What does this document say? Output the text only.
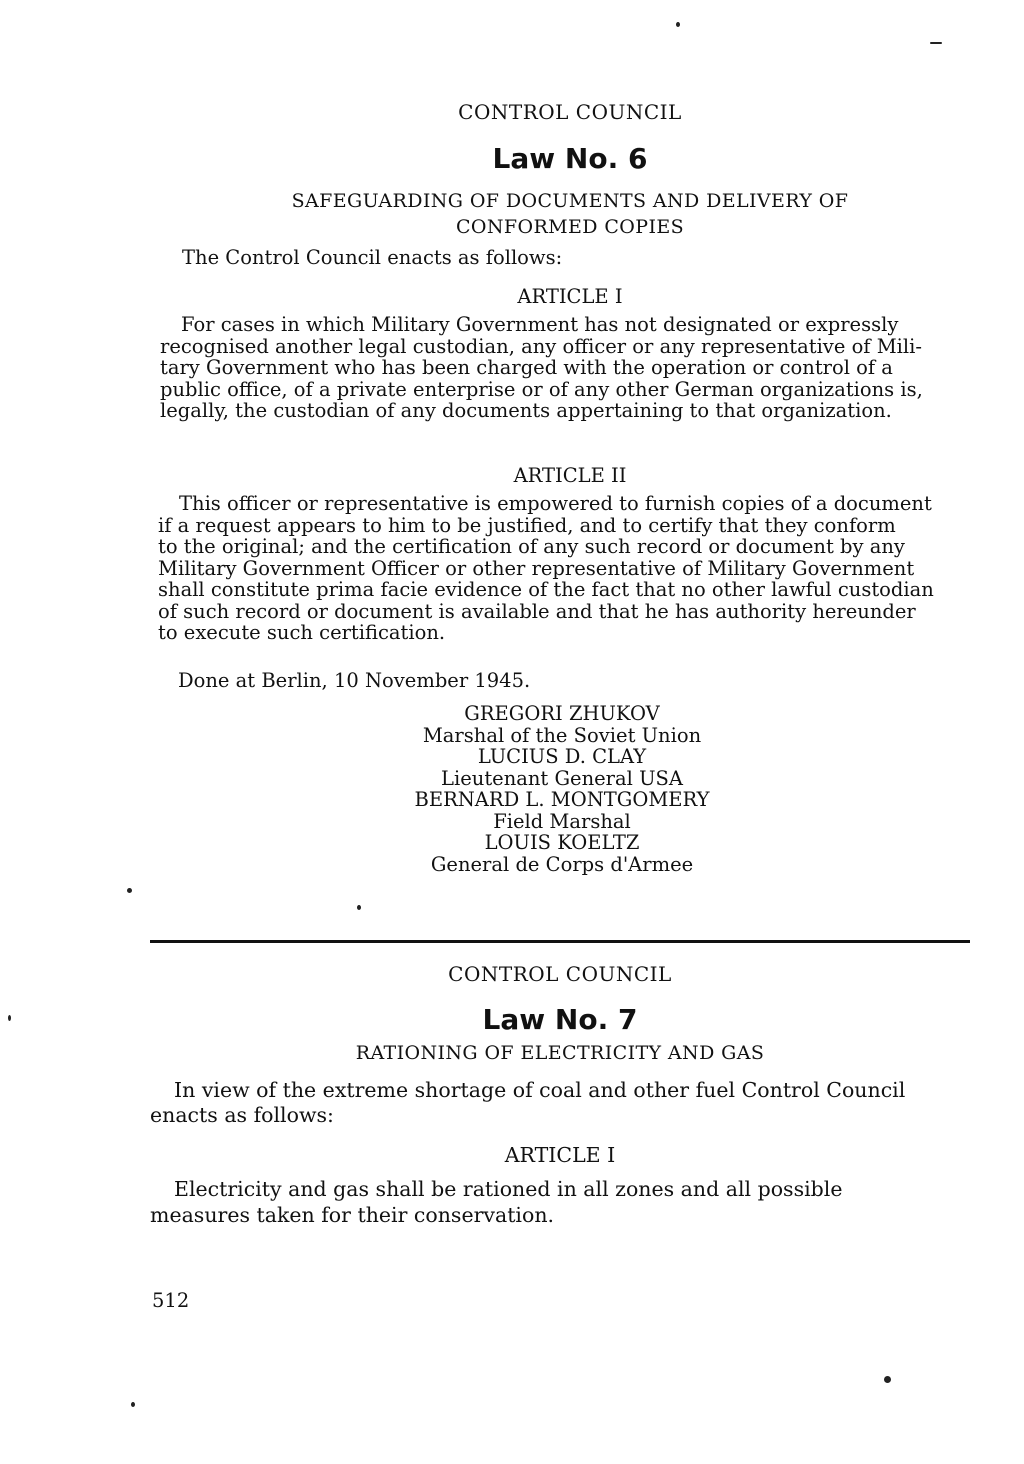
CONTROL COUNCIL
Law No. 6
SAFEGUARDING OF DOCUMENTS AND DELIVERY OF
CONFORMED COPIES
The Control Council enacts as follows:
ARTICLE I

For cases in which Military Government has not designated or expressly

recognised another legal custodian, any officer or any representative of Mili-

tary Government who has been charged with the operation or control of a

public office, of a private enterprise or of any other German organizations is,

legally, the custodian of any documents appertaining to that organization.

ARTICLE II

This officer or representative is empowered to furnish copies of a document

if a request appears to him to be justified, and to certify that they conform

to the original; and the certification of any such record or document by any

Military Government Officer or other representative of Military Government

shall constitute prima facie evidence of the fact that no other lawful custodian

of such record or document is available and that he has authority hereunder

to execute such certification.

Done at Berlin, 10 November 1945.
GREGORI ZHUKOV
Marshal of the Soviet Union
LUCIUS D. CLAY
Lieutenant General USA
BERNARD L. MONTGOMERY
Field Marshal
LOUIS KOELTZ
General de Corps d'Armee
CONTROL COUNCIL
Law No. 7
RATIONING OF ELECTRICITY AND GAS

In view of the extreme shortage of coal and other fuel Control Council

enacts as follows:

ARTICLE I

Electricity and gas shall be rationed in all zones and all possible

measures taken for their conservation.

512
